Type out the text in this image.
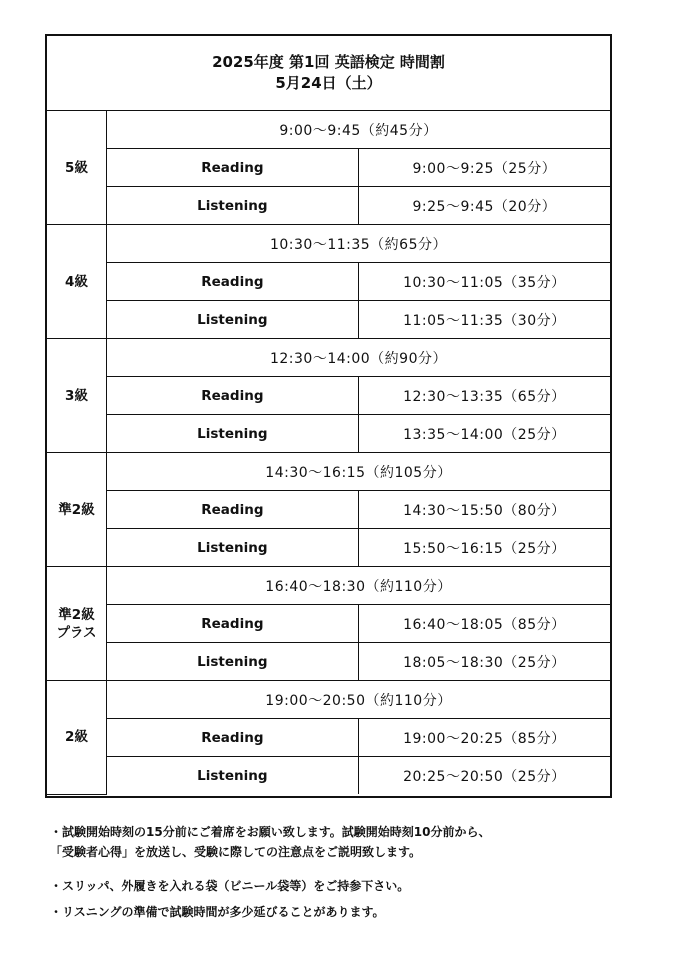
2025年度 第1回 英語検定 時間割
5月24日（土）
5級	9:00～9:45（約45分）	
	Reading	9:00～9:25（25分）
	Listening	9:25～9:45（20分）

4級	10:30～11:35（約65分）	
	Reading	10:30～11:05（35分）
	Listening	11:05～11:35（30分）

3級	12:30～14:00（約90分）	
	Reading	12:30～13:35（65分）
	Listening	13:35～14:00（25分）

準2級	14:30～16:15（約105分）	
	Reading	14:30～15:50（80分）
	Listening	15:50～16:15（25分）

準2級
プラス	16:40～18:30（約110分）	
	Reading	16:40～18:05（85分）
	Listening	18:05～18:30（25分）

2級	19:00～20:50（約110分）	
	Reading	19:00～20:25（85分）
	Listening	20:25～20:50（25分）

・試験開始時刻の15分前にご着席をお願い致します。試験開始時刻10分前から、

「受験者心得」を放送し、受験に際しての注意点をご説明致します。

・スリッパ、外履きを入れる袋（ビニール袋等）をご持参下さい。

・リスニングの準備で試験時間が多少延びることがあります。
